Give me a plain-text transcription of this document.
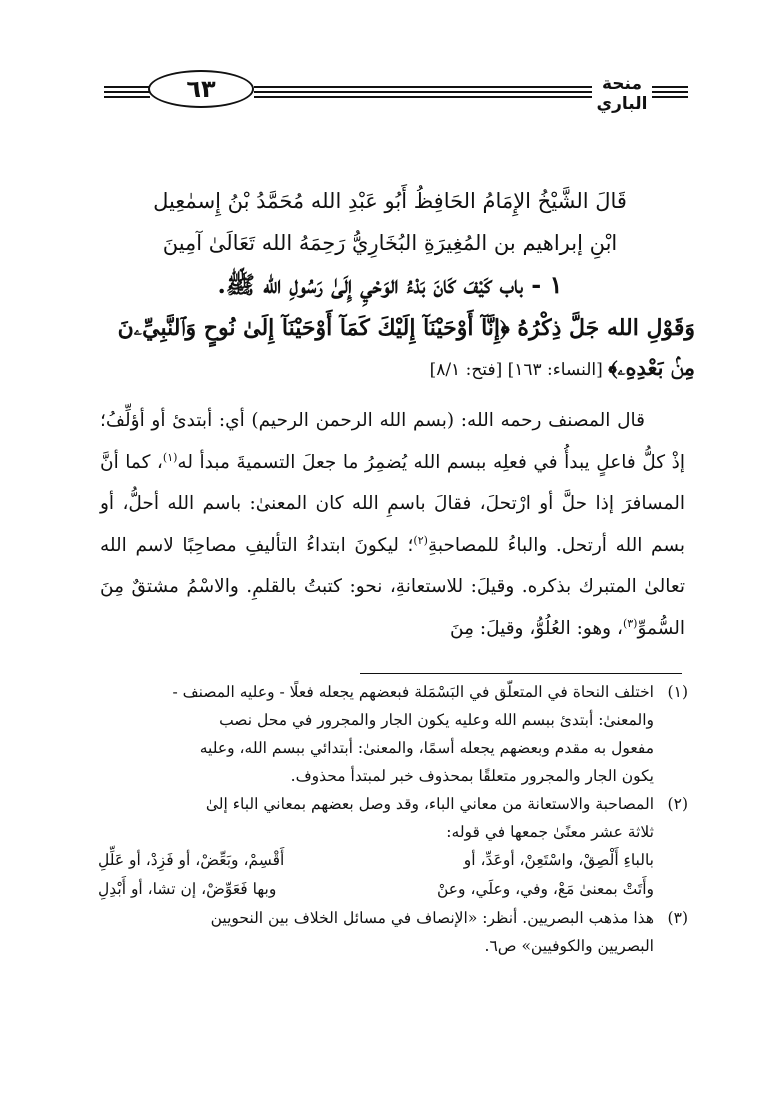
٦٣	منحة الباري
قَالَ الشَّيْخُ الإِمَامُ الحَافِظُ أَبُو عَبْدِ الله مُحَمَّدُ بْنُ إِسمٰعِيل
ابْنِ إبراهيم بن المُغِيرَةِ البُخَارِيُّ رَحِمَهُ الله تَعَالَىٰ آمِينَ
١ - باب كَيْفَ كَانَ بَدْءُ الوَحْيِ إِلَىٰ رَسُولِ الله ﷺ.
وَقَوْلِ الله جَلَّ ذِكْرُهُ ﴿إِنَّآ أَوْحَيْنَآ إِلَيْكَ كَمَآ أَوْحَيْنَآ إِلَىٰ نُوحٍ وَٱلنَّبِيِّۦنَ
مِنۢ بَعْدِهِۦ﴾ [النساء: ١٦٣] [فتح: ٨/١]

قال المصنف رحمه الله: (بسم الله الرحمن الرحيم) أي: أبتدئ أو أؤلِّفُ؛ إذْ كلُّ فاعلٍ يبدأُ في فعلِه ببسم الله يُضمِرُ ما جعلَ التسميةَ مبدأ له$^{(١)}$، كما أنَّ المسافرَ إذا حلَّ أو ارْتحلَ، فقالَ باسمِ الله كان المعنىٰ: باسم الله أحلُّ، أو بسم الله أرتحل. والباءُ للمصاحبةِ$^{(٢)}$؛ ليكونَ ابتداءُ التأليفِ مصاحِبًا لاسم الله تعالىٰ المتبرك بذكره. وقيلَ: للاستعانةِ، نحو: كتبتُ بالقلمِ. والاسْمُ مشتقٌ مِنَ السُّموِّ$^{(٣)}$، وهو: العُلُوُّ، وقيلَ: مِنَ

(١)
اختلف النحاة في المتعلّق في البَسْمَلة فبعضهم يجعله فعلًا - وعليه المصنف -
والمعنىٰ: أبتدئ ببسم الله وعليه يكون الجار والمجرور في محل نصب
مفعول به مقدم وبعضهم يجعله أسمًا، والمعنىٰ: أبتدائي ببسم الله، وعليه
يكون الجار والمجرور متعلقًا بمحذوف خبر لمبتدأ محذوف.
(٢)
المصاحبة والاستعانة من معاني الباء، وقد وصل بعضهم بمعاني الباء إلىٰ
ثلاثة عشر معنًىٰ جمعها في قوله:
بالباءِ أَلْصِقْ، واسْتَعِنْ، أوعَدِّ، أو
أَقْسِمْ، وبَعِّضْ، أو فَزِدْ، أو عَلِّلِ
وأَتَتْ بمعنىٰ مَعْ، وفي، وعلَي، وعنْ
وبها فَعَوِّضْ، إن تشا، أو أَبْدِلِ
(٣)
هذا مذهب البصريين. أنظر: «الإنصاف في مسائل الخلاف بين النحويين
البصريين والكوفيين» ص٦.
